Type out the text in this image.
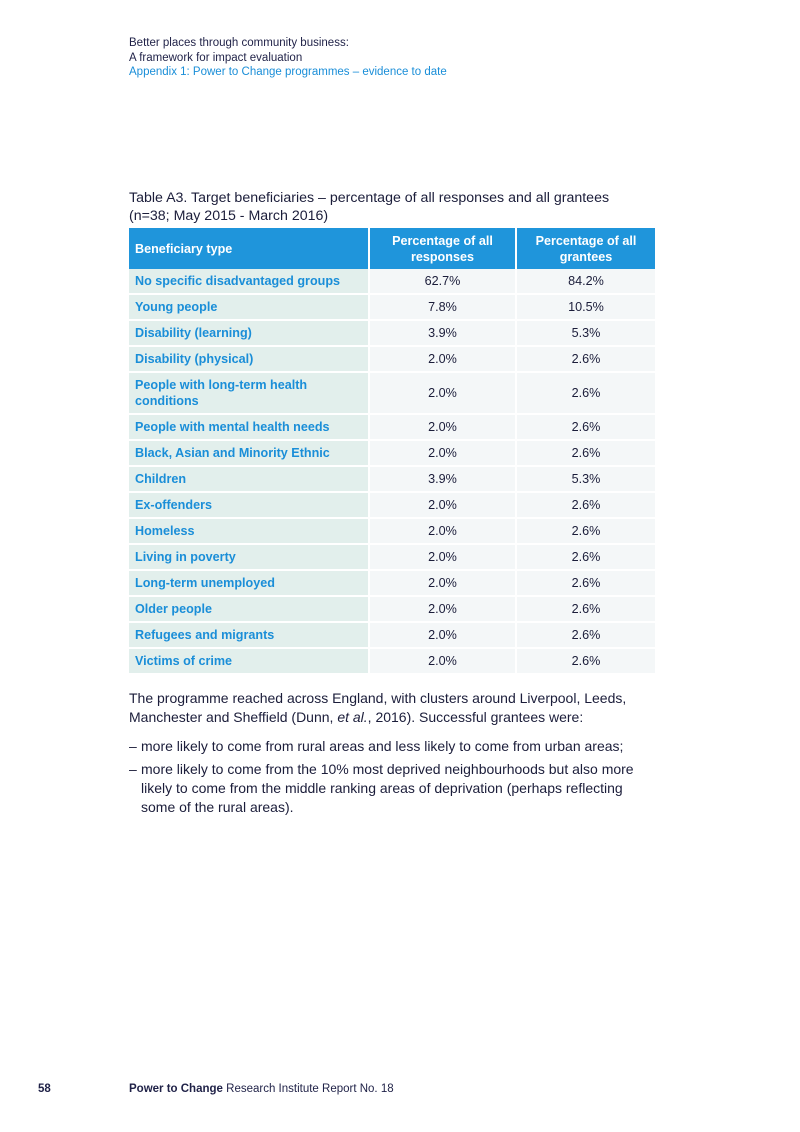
Better places through community business:
A framework for impact evaluation
Appendix 1: Power to Change programmes – evidence to date
Table A3. Target beneficiaries – percentage of all responses and all grantees
(n=38; May 2015 - March 2016)
Beneficiary type	Percentage of all responses	Percentage of all grantees
No specific disadvantaged groups	62.7%	84.2%
Young people	7.8%	10.5%
Disability (learning)	3.9%	5.3%
Disability (physical)	2.0%	2.6%
People with long-term health conditions	2.0%	2.6%
People with mental health needs	2.0%	2.6%
Black, Asian and Minority Ethnic	2.0%	2.6%
Children	3.9%	5.3%
Ex-offenders	2.0%	2.6%
Homeless	2.0%	2.6%
Living in poverty	2.0%	2.6%
Long-term unemployed	2.0%	2.6%
Older people	2.0%	2.6%
Refugees and migrants	2.0%	2.6%
Victims of crime	2.0%	2.6%

The programme reached across England, with clusters around Liverpool, Leeds, Manchester and Sheffield (Dunn, et al., 2016). Successful grantees were:

– more likely to come from rural areas and less likely to come from urban areas;
– more likely to come from the 10% most deprived neighbourhoods but also more likely to come from the middle ranking areas of deprivation (perhaps reflecting some of the rural areas).
58	Power to Change Research Institute Report No. 18
